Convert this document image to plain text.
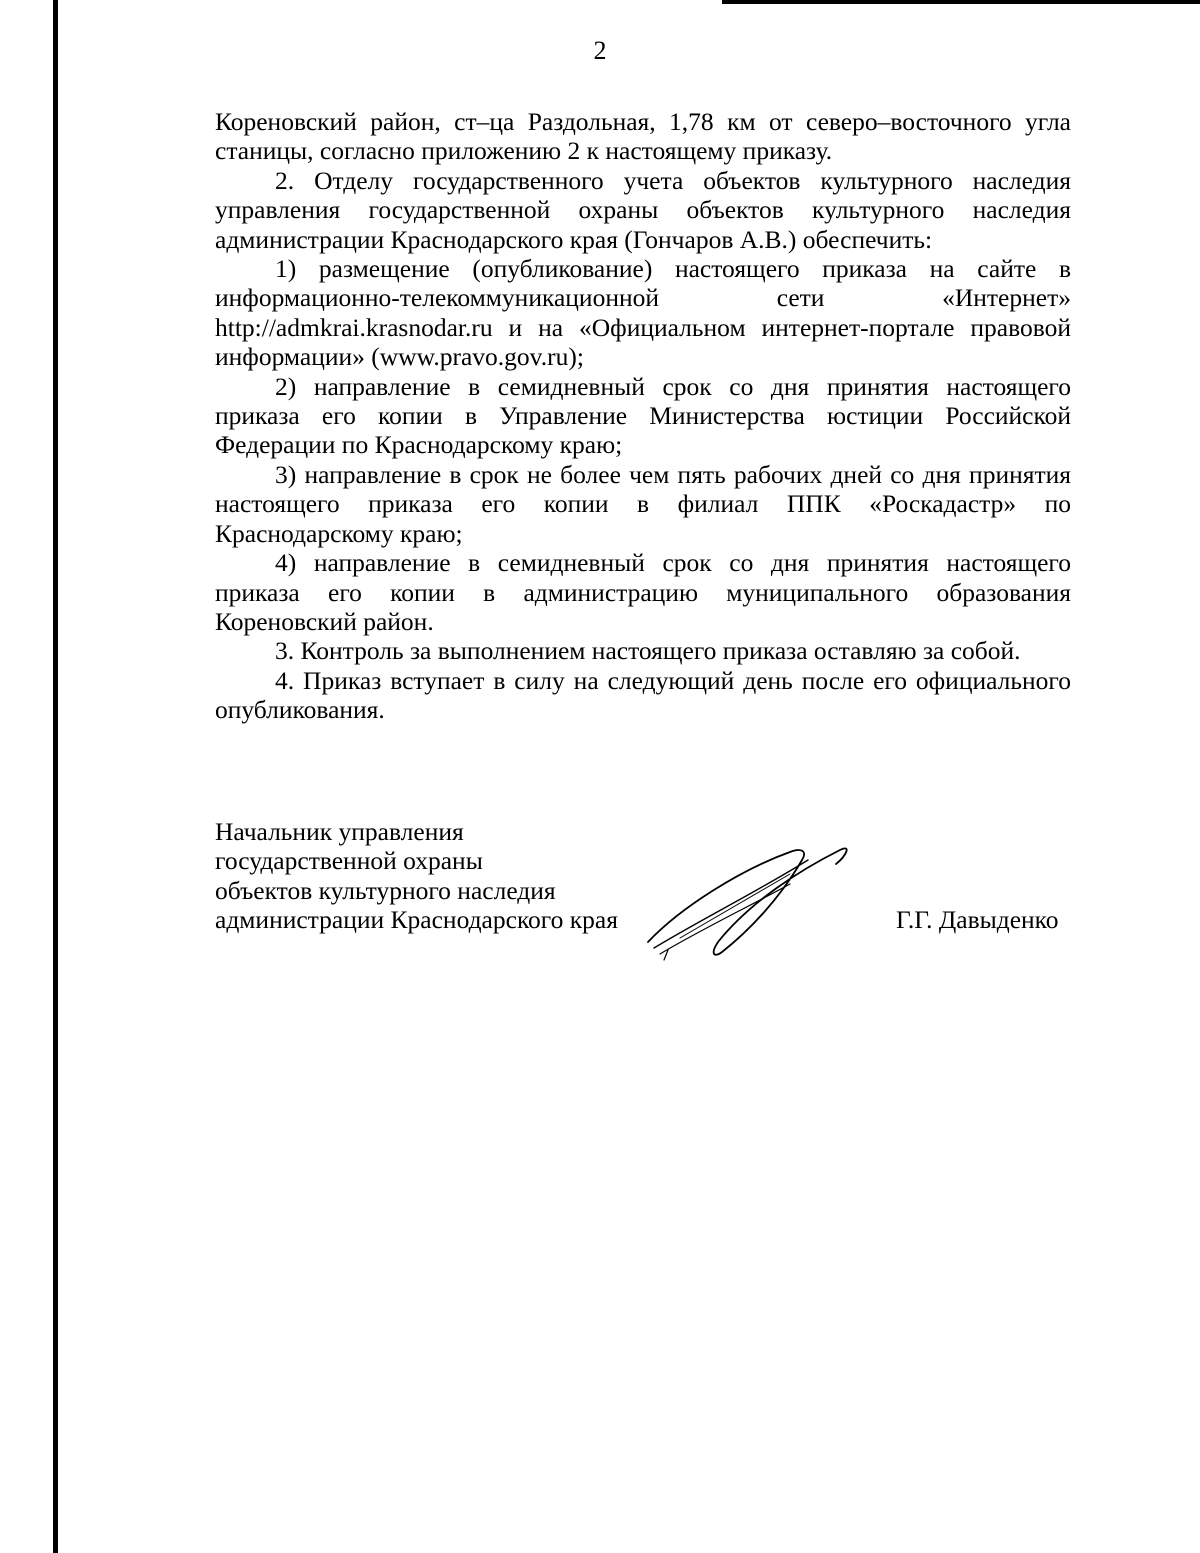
2

Кореновский район, ст–ца Раздольная, 1,78 км от северо–восточного угла станицы, согласно приложению 2 к настоящему приказу.

2. Отделу государственного учета объектов культурного наследия управления государственной охраны объектов культурного наследия администрации Краснодарского края (Гончаров А.В.) обеспечить:

1) размещение (опубликование) настоящего приказа на сайте в

информационно-телекоммуникационной сети «Интернет»

http://admkrai.krasnodar.ru и на «Официальном интернет-портале правовой информации» (www.pravo.gov.ru);

2) направление в семидневный срок со дня принятия настоящего приказа его копии в Управление Министерства юстиции Российской Федерации по Краснодарскому краю;

3) направление в срок не более чем пять рабочих дней со дня принятия настоящего приказа его копии в филиал ППК «Роскадастр» по Краснодарскому краю;

4) направление в семидневный срок со дня принятия настоящего приказа его копии в администрацию муниципального образования Кореновский район.

3. Контроль за выполнением настоящего приказа оставляю за собой.

4. Приказ вступает в силу на следующий день после его официального опубликования.

Начальник управления
государственной охраны
объектов культурного наследия
администрации Краснодарского края	Г.Г. Давыденко
